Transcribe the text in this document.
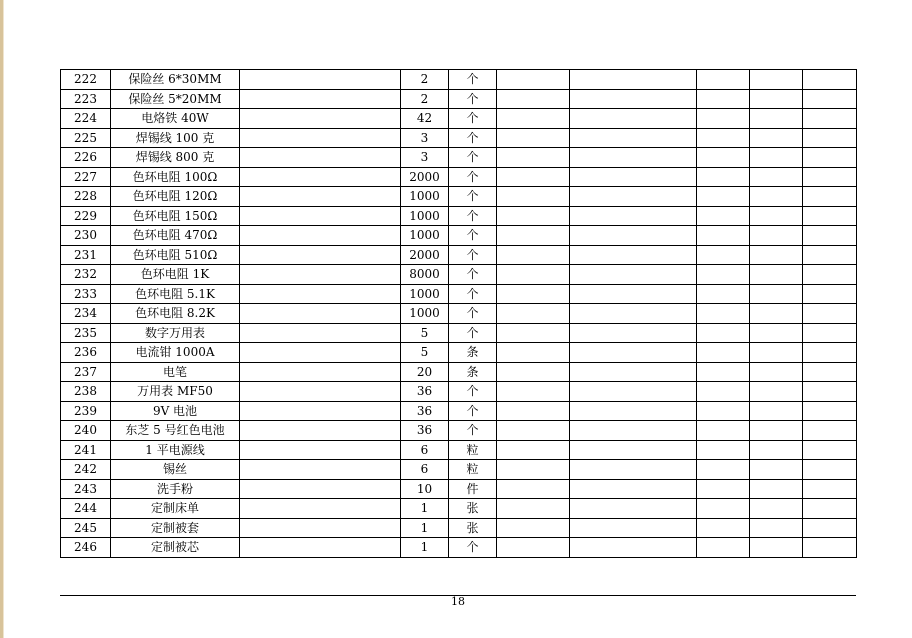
222	保险丝 6*30MM		2	个					
223	保险丝 5*20MM		2	个					
224	电烙铁 40W		42	个					
225	焊锡线 100 克		3	个					
226	焊锡线 800 克		3	个					
227	色环电阻 100Ω		2000	个					
228	色环电阻 120Ω		1000	个					
229	色环电阻 150Ω		1000	个					
230	色环电阻 470Ω		1000	个					
231	色环电阻 510Ω		2000	个					
232	色环电阻 1K		8000	个					
233	色环电阻 5.1K		1000	个					
234	色环电阻 8.2K		1000	个					
235	数字万用表		5	个					
236	电流钳 1000A		5	条					
237	电笔		20	条					
238	万用表 MF50		36	个					
239	9V 电池		36	个					
240	东芝 5 号红色电池		36	个					
241	1 平电源线		6	粒					
242	锡丝		6	粒					
243	洗手粉		10	件					
244	定制床单		1	张					
245	定制被套		1	张					
246	定制被芯		1	个					
18
